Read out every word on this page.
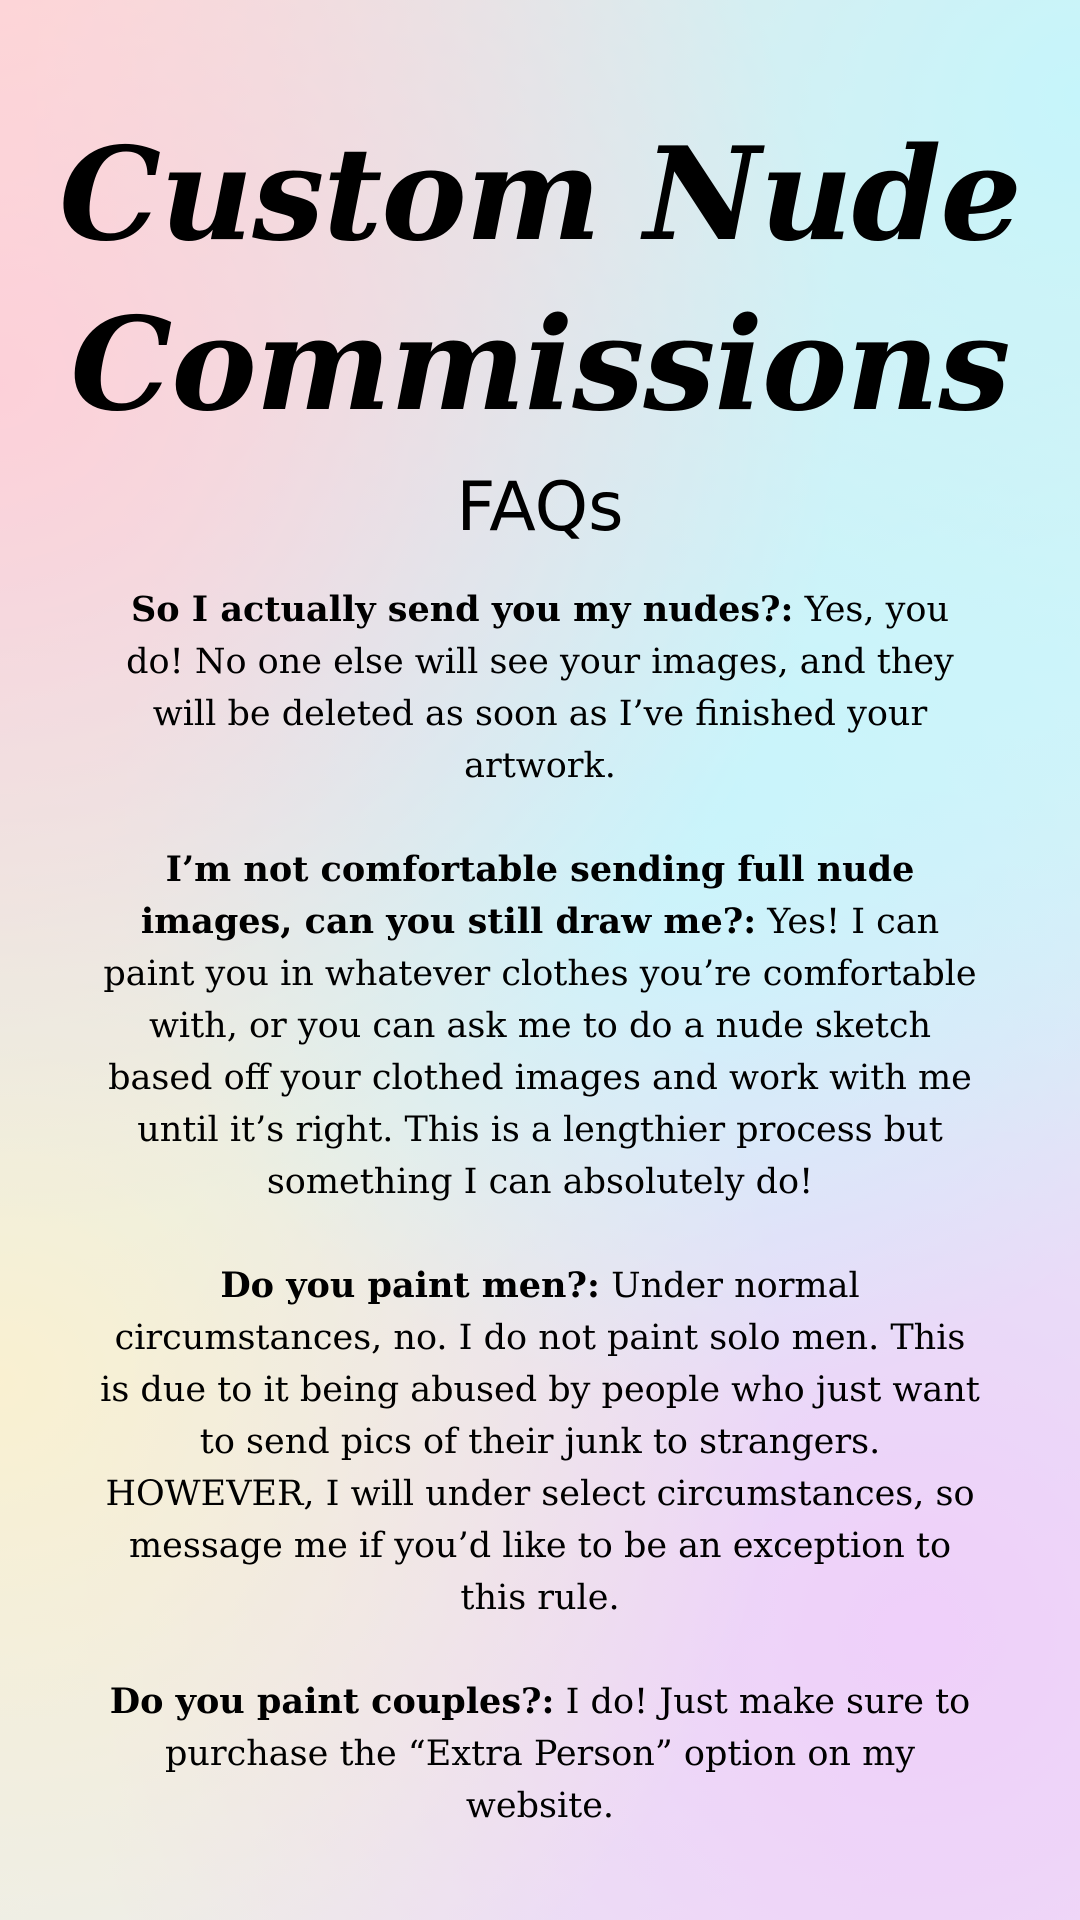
Custom Nude
Commissions
FAQs

So I actually send you my nudes?: Yes, you do! No one else will see your images, and they will be deleted as soon as I’ve finished your artwork.

I’m not comfortable sending full nude images, can you still draw me?: Yes! I can paint you in whatever clothes you’re comfortable with, or you can ask me to do a nude sketch based off your clothed images and work with me until it’s right. This is a lengthier process but something I can absolutely do!

Do you paint men?: Under normal circumstances, no. I do not paint solo men. This is due to it being abused by people who just want to send pics of their junk to strangers. HOWEVER, I will under select circumstances, so message me if you’d like to be an exception to this rule.

Do you paint couples?: I do! Just make sure to purchase the “Extra Person” option on my website.
